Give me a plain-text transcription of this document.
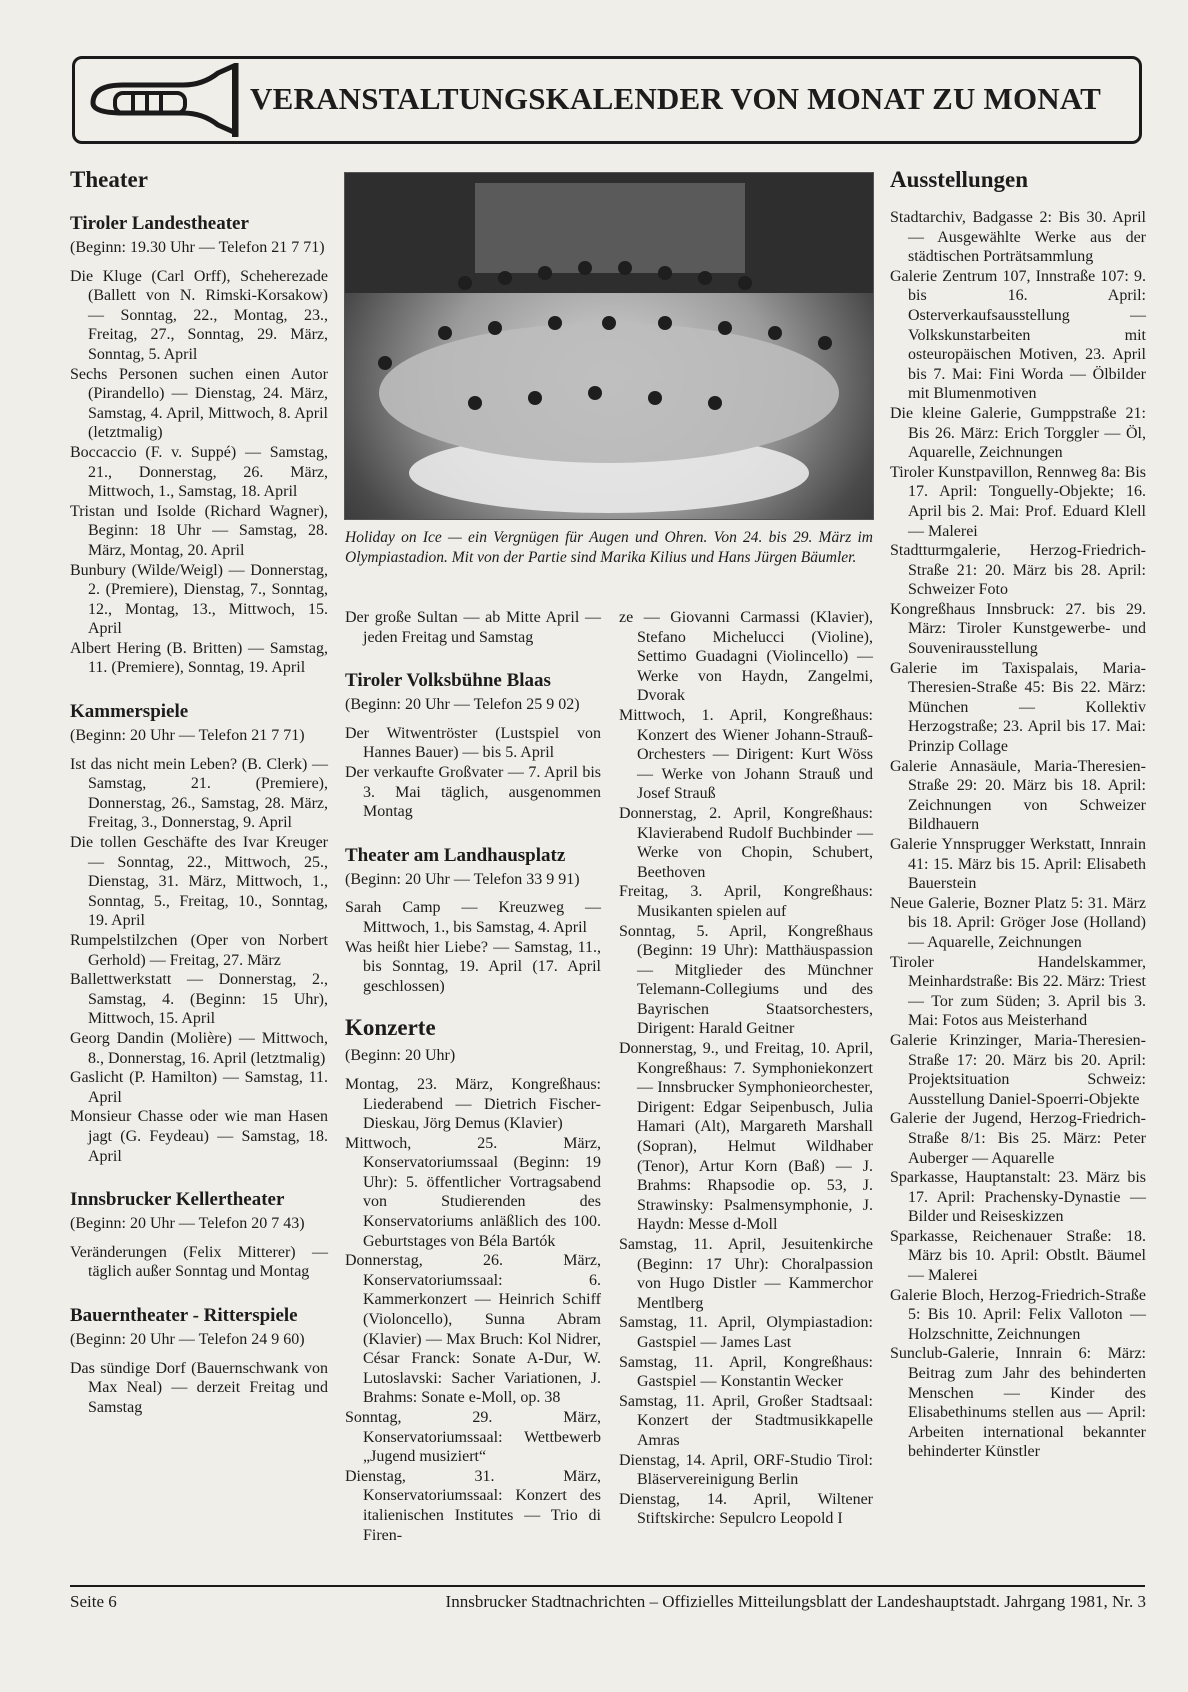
VERANSTALTUNGSKALENDER VON MONAT ZU MONAT
Theater
Tiroler Landestheater
(Beginn: 19.30 Uhr — Telefon 21 7 71)
Die Kluge (Carl Orff), Scheherezade (Ballett von N. Rimski-Korsakow) — Sonntag, 22., Montag, 23., Freitag, 27., Sonntag, 29. März, Sonntag, 5. April
Sechs Personen suchen einen Autor (Pirandello) — Dienstag, 24. März, Samstag, 4. April, Mittwoch, 8. April (letztmalig)
Boccaccio (F. v. Suppé) — Samstag, 21., Donnerstag, 26. März, Mittwoch, 1., Samstag, 18. April
Tristan und Isolde (Richard Wagner), Beginn: 18 Uhr — Samstag, 28. März, Montag, 20. April
Bunbury (Wilde/Weigl) — Donnerstag, 2. (Premiere), Dienstag, 7., Sonntag, 12., Montag, 13., Mittwoch, 15. April
Albert Hering (B. Britten) — Samstag, 11. (Premiere), Sonntag, 19. April
Kammerspiele
(Beginn: 20 Uhr — Telefon 21 7 71)
Ist das nicht mein Leben? (B. Clerk) — Samstag, 21. (Premiere), Donnerstag, 26., Samstag, 28. März, Freitag, 3., Donnerstag, 9. April
Die tollen Geschäfte des Ivar Kreuger — Sonntag, 22., Mittwoch, 25., Dienstag, 31. März, Mittwoch, 1., Sonntag, 5., Freitag, 10., Sonntag, 19. April
Rumpelstilzchen (Oper von Norbert Gerhold) — Freitag, 27. März
Ballettwerkstatt — Donnerstag, 2., Samstag, 4. (Beginn: 15 Uhr), Mittwoch, 15. April
Georg Dandin (Molière) — Mittwoch, 8., Donnerstag, 16. April (letztmalig)
Gaslicht (P. Hamilton) — Samstag, 11. April
Monsieur Chasse oder wie man Hasen jagt (G. Feydeau) — Samstag, 18. April
Innsbrucker Kellertheater
(Beginn: 20 Uhr — Telefon 20 7 43)
Veränderungen (Felix Mitterer) — täglich außer Sonntag und Montag
Bauerntheater - Ritterspiele
(Beginn: 20 Uhr — Telefon 24 9 60)
Das sündige Dorf (Bauernschwank von Max Neal) — derzeit Freitag und Samstag
Holiday on Ice — ein Vergnügen für Augen und Ohren. Von 24. bis 29. März im Olympiastadion. Mit von der Partie sind Marika Kilius und Hans Jürgen Bäumler.
Der große Sultan — ab Mitte April — jeden Freitag und Samstag
Tiroler Volksbühne Blaas
(Beginn: 20 Uhr — Telefon 25 9 02)
Der Witwentröster (Lustspiel von Hannes Bauer) — bis 5. April
Der verkaufte Großvater — 7. April bis 3. Mai täglich, ausgenommen Montag
Theater am Landhausplatz
(Beginn: 20 Uhr — Telefon 33 9 91)
Sarah Camp — Kreuzweg — Mittwoch, 1., bis Samstag, 4. April
Was heißt hier Liebe? — Samstag, 11., bis Sonntag, 19. April (17. April geschlossen)
Konzerte
(Beginn: 20 Uhr)
Montag, 23. März, Kongreßhaus: Liederabend — Dietrich Fischer-Dieskau, Jörg Demus (Klavier)
Mittwoch, 25. März, Konservatoriumssaal (Beginn: 19 Uhr): 5. öffentlicher Vortragsabend von Studierenden des Konservatoriums anläßlich des 100. Geburtstages von Béla Bartók
Donnerstag, 26. März, Konservatoriumssaal: 6. Kammerkonzert — Heinrich Schiff (Violoncello), Sunna Abram (Klavier) — Max Bruch: Kol Nidrer, César Franck: Sonate A-Dur, W. Lutoslavski: Sacher Variationen, J. Brahms: Sonate e-Moll, op. 38
Sonntag, 29. März, Konservatoriumssaal: Wettbewerb „Jugend musiziert“
Dienstag, 31. März, Konservatoriumssaal: Konzert des italienischen Institutes — Trio di Firen-
ze — Giovanni Carmassi (Klavier), Stefano Michelucci (Violine), Settimo Guadagni (Violincello) — Werke von Haydn, Zangelmi, Dvorak
Mittwoch, 1. April, Kongreßhaus: Konzert des Wiener Johann-Strauß-Orchesters — Dirigent: Kurt Wöss — Werke von Johann Strauß und Josef Strauß
Donnerstag, 2. April, Kongreßhaus: Klavierabend Rudolf Buchbinder — Werke von Chopin, Schubert, Beethoven
Freitag, 3. April, Kongreßhaus: Musikanten spielen auf
Sonntag, 5. April, Kongreßhaus (Beginn: 19 Uhr): Matthäuspassion — Mitglieder des Münchner Telemann-Collegiums und des Bayrischen Staatsorchesters, Dirigent: Harald Geitner
Donnerstag, 9., und Freitag, 10. April, Kongreßhaus: 7. Symphoniekonzert — Innsbrucker Symphonieorchester, Dirigent: Edgar Seipenbusch, Julia Hamari (Alt), Margareth Marshall (Sopran), Helmut Wildhaber (Tenor), Artur Korn (Baß) — J. Brahms: Rhapsodie op. 53, J. Strawinsky: Psalmensymphonie, J. Haydn: Messe d-Moll
Samstag, 11. April, Jesuitenkirche (Beginn: 17 Uhr): Choralpassion von Hugo Distler — Kammerchor Mentlberg
Samstag, 11. April, Olympiastadion: Gastspiel — James Last
Samstag, 11. April, Kongreßhaus: Gastspiel — Konstantin Wecker
Samstag, 11. April, Großer Stadtsaal: Konzert der Stadtmusikkapelle Amras
Dienstag, 14. April, ORF-Studio Tirol: Bläservereinigung Berlin
Dienstag, 14. April, Wiltener Stiftskirche: Sepulcro Leopold I
Ausstellungen
Stadtarchiv, Badgasse 2: Bis 30. April — Ausgewählte Werke aus der städtischen Porträtsammlung
Galerie Zentrum 107, Innstraße 107: 9. bis 16. April: Osterverkaufsausstellung — Volkskunstarbeiten mit osteuropäischen Motiven, 23. April bis 7. Mai: Fini Worda — Ölbilder mit Blumenmotiven
Die kleine Galerie, Gumppstraße 21: Bis 26. März: Erich Torggler — Öl, Aquarelle, Zeichnungen
Tiroler Kunstpavillon, Rennweg 8a: Bis 17. April: Tonguelly-Objekte; 16. April bis 2. Mai: Prof. Eduard Klell — Malerei
Stadtturmgalerie, Herzog-Friedrich-Straße 21: 20. März bis 28. April: Schweizer Foto
Kongreßhaus Innsbruck: 27. bis 29. März: Tiroler Kunstgewerbe- und Souvenirausstellung
Galerie im Taxispalais, Maria-Theresien-Straße 45: Bis 22. März: München — Kollektiv Herzogstraße; 23. April bis 17. Mai: Prinzip Collage
Galerie Annasäule, Maria-Theresien-Straße 29: 20. März bis 18. April: Zeichnungen von Schweizer Bildhauern
Galerie Ynnsprugger Werkstatt, Innrain 41: 15. März bis 15. April: Elisabeth Bauerstein
Neue Galerie, Bozner Platz 5: 31. März bis 18. April: Gröger Jose (Holland) — Aquarelle, Zeichnungen
Tiroler Handelskammer, Meinhardstraße: Bis 22. März: Triest — Tor zum Süden; 3. April bis 3. Mai: Fotos aus Meisterhand
Galerie Krinzinger, Maria-Theresien-Straße 17: 20. März bis 20. April: Projektsituation Schweiz: Ausstellung Daniel-Spoerri-Objekte
Galerie der Jugend, Herzog-Friedrich-Straße 8/1: Bis 25. März: Peter Auberger — Aquarelle
Sparkasse, Hauptanstalt: 23. März bis 17. April: Prachensky-Dynastie — Bilder und Reiseskizzen
Sparkasse, Reichenauer Straße: 18. März bis 10. April: Obstlt. Bäumel — Malerei
Galerie Bloch, Herzog-Friedrich-Straße 5: Bis 10. April: Felix Valloton — Holzschnitte, Zeichnungen
Sunclub-Galerie, Innrain 6: März: Beitrag zum Jahr des behinderten Menschen — Kinder des Elisabethinums stellen aus — April: Arbeiten international bekannter behinderter Künstler
Seite 6	Innsbrucker Stadtnachrichten – Offizielles Mitteilungsblatt der Landeshauptstadt. Jahrgang 1981, Nr. 3
